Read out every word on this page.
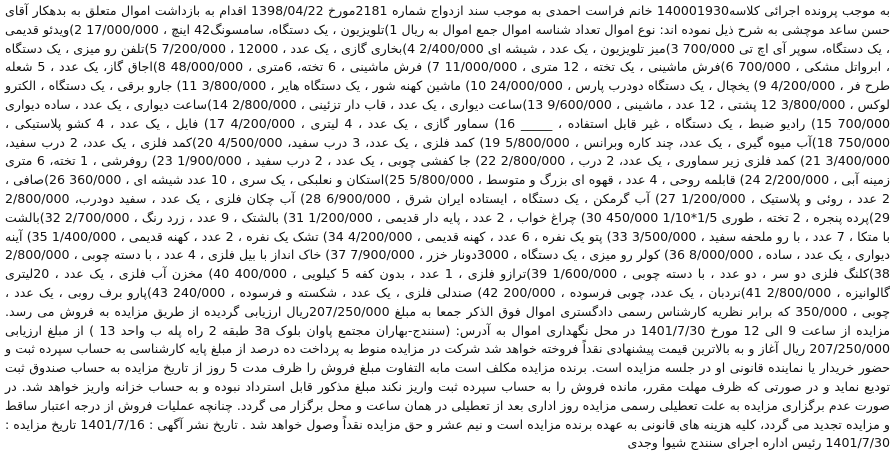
به موجب پرونده اجرائی کلاسه140001930 خانم فراست احمدی به موجب سند ازدواج شماره 2181مورخ 1398/04/22 اقدام به بازداشت اموال متعلق به بدهکار آقای حسن ساعد موچشی به شرح ذیل نموده اند: نوع اموال تعداد شناسه اموال جمع اموال به ریال 1)تلویزیون ، یک دستگاه، سامسونگ42 اینچ ، 17/000/000 2)ویدئو قدیمی ، یک دستگاه، سوپر آی اچ تی 700/000 3)میز تلویزیون ، یک عدد ، شیشه ای 2/400/000 4)بخاری گازی ، یک عدد ، 12000 ، 7/200/000 5)تلفن رو میزی ، یک دستگاه ، ابرواتل مشکی ، 700/000 6)فرش ماشینی ، یک تخته ، 12 متری ، 11/000/000 7) فرش ماشینی ، 6 تخته، 6متری ، 48/000/000 8)اجاق گاز، یک عدد ، 5 شعله طرح فر ، 4/200/000 9) یخچال ، یک دستگاه دودرب پارس ، 24/000/000 10) ماشین کهنه شور ، یک دستگاه هایر ، 3/800/000 11) جارو برقی ، یک دستگاه ، الکترو لوکس ، 3/800/000 12 پشتی ، 12 عدد ، ماشینی ، 9/600/000 13)ساعت دیواری ، یک عدد ، قاب دار تزئینی ، 2/800/000 14)ساعت دیواری ، یک عدد ، ساده دیواری 700/000 15) رادیو ضبط ، یک دستگاه ، غیر قابل استفاده ، _____ 16) سماور گازی ، یک عدد ، 4 لیتری ، 4/200/000 17) فایل ، یک عدد ، 4 کشو پلاستیکی ، 750/000 18)آب میوه گیری ، یک عدد، چند کاره وبرانس ، 5/800/000 19) کمد فلزی ، یک عدد، 3 درب سفید، 4/500/000 20)کمد فلزی ، یک عدد، 2 درب سفید، 3/400/000 21) کمد فلزی زیر سماوری ، یک عدد، 2 درب ، 2/800/000 22) جا کفشی چوبی ، یک عدد ، 2 درب سفید ، 1/900/000 23) روفرشی ، 1 تخته، 6 متری زمینه آبی ، 2/200/000 24) قابلمه روحی ، 4 عدد ، قهوه ای بزرگ و متوسط ، 5/800/000 25)استکان و نعلبکی ، یک سری ، 10 عدد شیشه ای ، 360/000 26)صافی ، 2 عدد ، روئی و پلاستیک ، 1/200/000 27) آب گرمکن ، یک دستگاه ، ایستاده ایران شرق ، 6/900/000 28) آب چکان فلزی ، یک عدد ، سفید دودرب، 2/800/000 29)پرده پنجره ، 2 تخته ، طوری 1/5*1/10 450/000 30) چراغ خواب ، 2 عدد ، پایه دار قدیمی ، 1/200/000 31) بالشتک ، 9 عدد ، زرد رنگ ، 2/700/000 32)بالشت با متکا ، 7 عدد ، با رو ملحفه سفید ، 3/500/000 33) پتو یک نفره ، 6 عدد ، کهنه قدیمی ، 4/200/000 34) تشک یک نفره ، 2 عدد ، کهنه قدیمی ، 1/400/000 35) آینه دیواری ، یک عدد ، ساده ، 8/000/000 36) کولر رو میزی ، یک دستگاه ، 3000دونار خزر ، 7/900/000 37) خاک انداز با بیل فلزی ، 4 عدد ، با دسته چوبی ، 2/800/000 38)کلنگ فلزی دو سر ، دو عدد ، با دسته چوبی ، 1/600/000 39)ترازو فلزی ، 1 عدد ، بدون کفه 5 کیلویی ، 400/000 40) مخزن آب فلزی ، یک عدد ، 20لیتری گالوانیزه ، 2/800/000 41)نردبان ، یک عدد، چوبی فرسوده ، 200/000 42) صندلی فلزی ، یک عدد ، شکسته و فرسوده ، 240/000 43)پارو برف روبی ، یک عدد ، چوبی ، 350/000 که برابر نظریه کارشناس رسمی دادگستری اموال فوق الذکر جمعا به مبلغ 207/250/000ریال ارزیابی گردیده از طریق مزایده به فروش می رسد. مزایده از ساعت 9 الی 12 مورخ 1401/7/30 در محل نگهداری اموال به آدرس: (سنندج-بهاران مجتمع پاوان بلوک 3a طبقه 2 راه پله ب واحد 13 ) از مبلغ ارزیابی 207/250/000 ریال آغاز و به بالاترین قیمت پیشنهادی نقداً فروخته خواهد شد شرکت در مزایده منوط به پرداخت ده درصد از مبلغ پایه کارشناسی به حساب سپرده ثبت و حضور خریدار یا نماینده قانونی او در جلسه مزایده است. برنده مزایده مکلف است مابه التفاوت مبلغ فروش را ظرف مدت 5 روز از تاریخ مزایده به حساب صندوق ثبت تودیع نماید و در صورتی که ظرف مهلت مقرر، مانده فروش را به حساب سپرده ثبت واریز نکند مبلغ مذکور قابل استرداد نبوده و به حساب خزانه واریز خواهد شد. در صورت عدم برگزاری مزایده به علت تعطیلی رسمی مزایده روز اداری بعد از تعطیلی در همان ساعت و محل برگزار می گردد. چنانچه عملیات فروش از درجه اعتبار ساقط و مزایده تجدید می گردد، کلیه هزینه های قانونی به عهده برنده مزایده است و نیم عشر و حق مزایده نقداً وصول خواهد شد . تاریخ نشر آگهی : 1401/7/16 تاریخ مزایده : 1401/7/30 رئیس اداره اجرای سنندج شیوا وجدی
